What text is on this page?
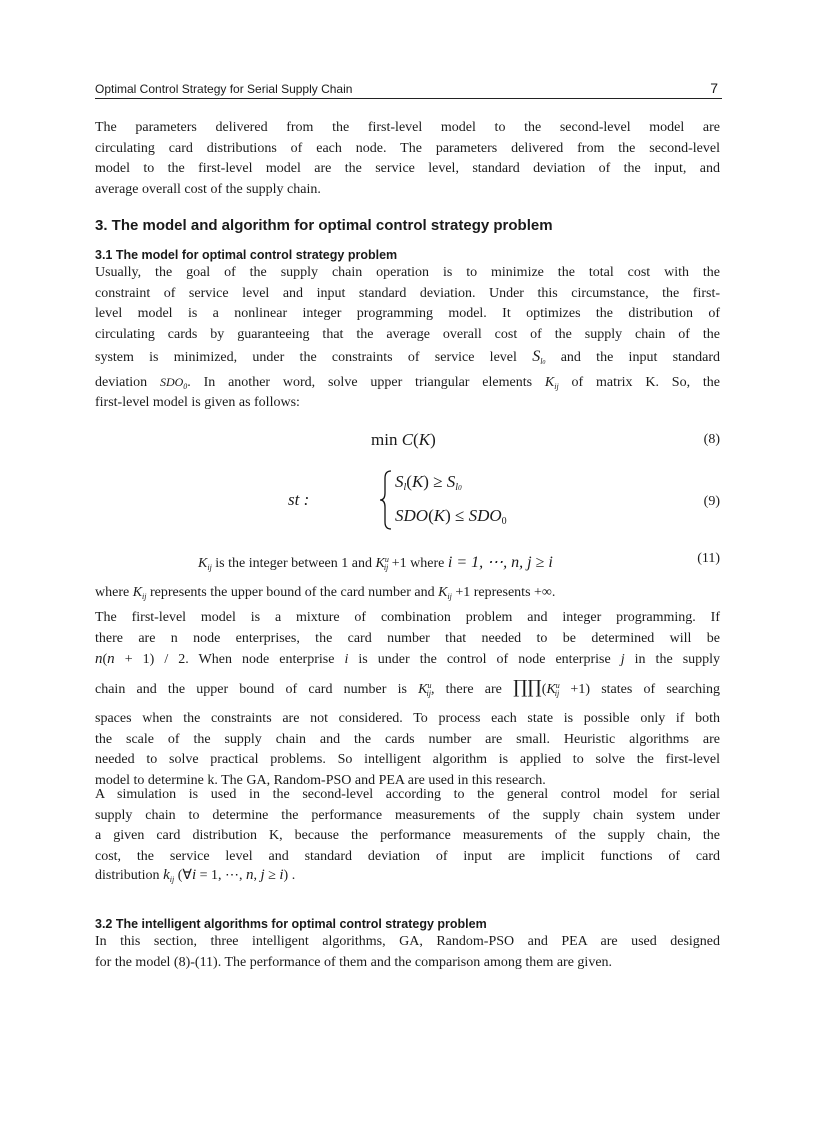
Optimal Control Strategy for Serial Supply Chain	7
The parameters delivered from the first-level model to the second-level model are
circulating card distributions of each node. The parameters delivered from the second-level
model to the first-level model are the service level, standard deviation of the input, and
average overall cost of the supply chain.
3. The model and algorithm for optimal control strategy problem
3.1 The model for optimal control strategy problem
Usually, the goal of the supply chain operation is to minimize the total cost with the
constraint of service level and input standard deviation. Under this circumstance, the first-
level model is a nonlinear integer programming model. It optimizes the distribution of
circulating cards by guaranteeing that the average overall cost of the supply chain of the
system is minimized, under the constraints of service level $S_{l0}$ and the input standard
deviation $SDO_0$. In another word, solve upper triangular elements $K_{ij}$ of matrix K. So, the
first-level model is given as follows:
min C(K)	(8)
st :
$S_l(K) \ge S_{l0}$
$SDO(K) \le SDO_0$
(9)
$K_{ij}$ is the integer between 1 and $K^u_{ij} +1$ where i = 1, ⋯, n, j ≥ i	(11)
where $K_{ij}$ represents the upper bound of the card number and $K_{ij} +1$ represents +∞.
The first-level model is a mixture of combination problem and integer programming. If
there are n node enterprises, the card number that needed to be determined will be
n(n + 1) / 2. When node enterprise i is under the control of node enterprise j in the supply
chain and the upper bound of card number is $K^u_{ij}$, there are $\prod\prod(K^u_{ij} +1)$ states of searching
spaces when the constraints are not considered. To process each state is possible only if both
the scale of the supply chain and the cards number are small. Heuristic algorithms are
needed to solve practical problems. So intelligent algorithm is applied to solve the first-level
model to determine k. The GA, Random-PSO and PEA are used in this research.
A simulation is used in the second-level according to the general control model for serial
supply chain to determine the performance measurements of the supply chain system under
a given card distribution K, because the performance measurements of the supply chain, the
cost, the service level and standard deviation of input are implicit functions of card
distribution $k_{ij}$ (∀i = 1, ⋯, n, j ≥ i) .
3.2 The intelligent algorithms for optimal control strategy problem
In this section, three intelligent algorithms, GA, Random-PSO and PEA are used designed
for the model (8)-(11). The performance of them and the comparison among them are given.
